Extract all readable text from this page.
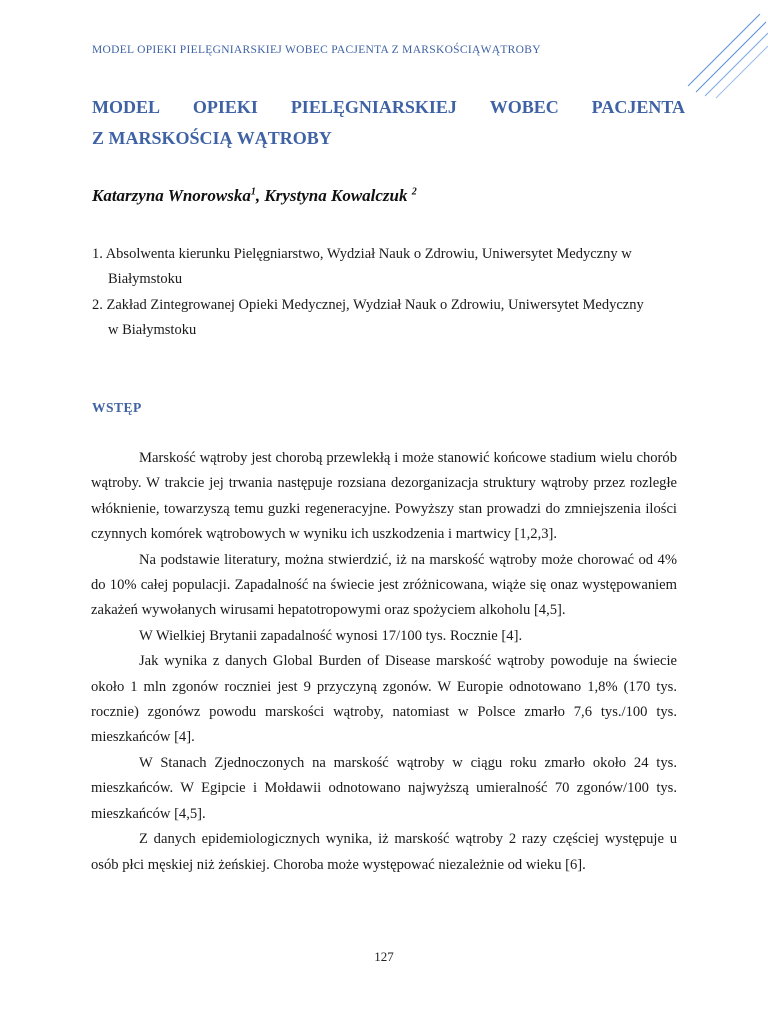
MODEL OPIEKI PIELĘGNIARSKIEJ WOBEC PACJENTA Z MARSKOŚCIĄWĄTROBY
MODEL OPIEKI PIELĘGNIARSKIEJ WOBEC PACJENTA
Z MARSKOŚCIĄ WĄTROBY
Katarzyna Wnorowska$^1$, Krystyna Kowalczuk $^2$
1. Absolwenta kierunku Pielęgniarstwo, Wydział Nauk o Zdrowiu, Uniwersytet Medyczny w
Białymstoku
2. Zakład Zintegrowanej Opieki Medycznej, Wydział Nauk o Zdrowiu, Uniwersytet Medyczny
w Białymstoku
WSTĘP

Marskość wątroby jest chorobą przewlekłą i może stanowić końcowe stadium wielu chorób wątroby. W trakcie jej trwania następuje rozsiana dezorganizacja struktury wątroby przez rozległe włóknienie, towarzyszą temu guzki regeneracyjne. Powyższy stan prowadzi do zmniejszenia ilości czynnych komórek wątrobowych w wyniku ich uszkodzenia i martwicy [1,2,3].

Na podstawie literatury, można stwierdzić, iż na marskość wątroby może chorować od 4% do 10% całej populacji. Zapadalność na świecie jest zróżnicowana, wiąże się onaz występowaniem zakażeń wywołanych wirusami hepatotropowymi oraz spożyciem alkoholu [4,5].

W Wielkiej Brytanii zapadalność wynosi 17/100 tys. Rocznie [4].

Jak wynika z danych Global Burden of Disease marskość wątroby powoduje na świecie około 1 mln zgonów roczniei jest 9 przyczyną zgonów. W Europie odnotowano 1,8% (170 tys. rocznie) zgonówz powodu marskości wątroby, natomiast w Polsce zmarło 7,6 tys./100 tys. mieszkańców [4].

W Stanach Zjednoczonych na marskość wątroby w ciągu roku zmarło około 24 tys. mieszkańców. W Egipcie i Mołdawii odnotowano najwyższą umieralność 70 zgonów/100 tys. mieszkańców [4,5].

Z danych epidemiologicznych wynika, iż marskość wątroby 2 razy częściej występuje u osób płci męskiej niż żeńskiej. Choroba może występować niezależnie od wieku [6].

127
